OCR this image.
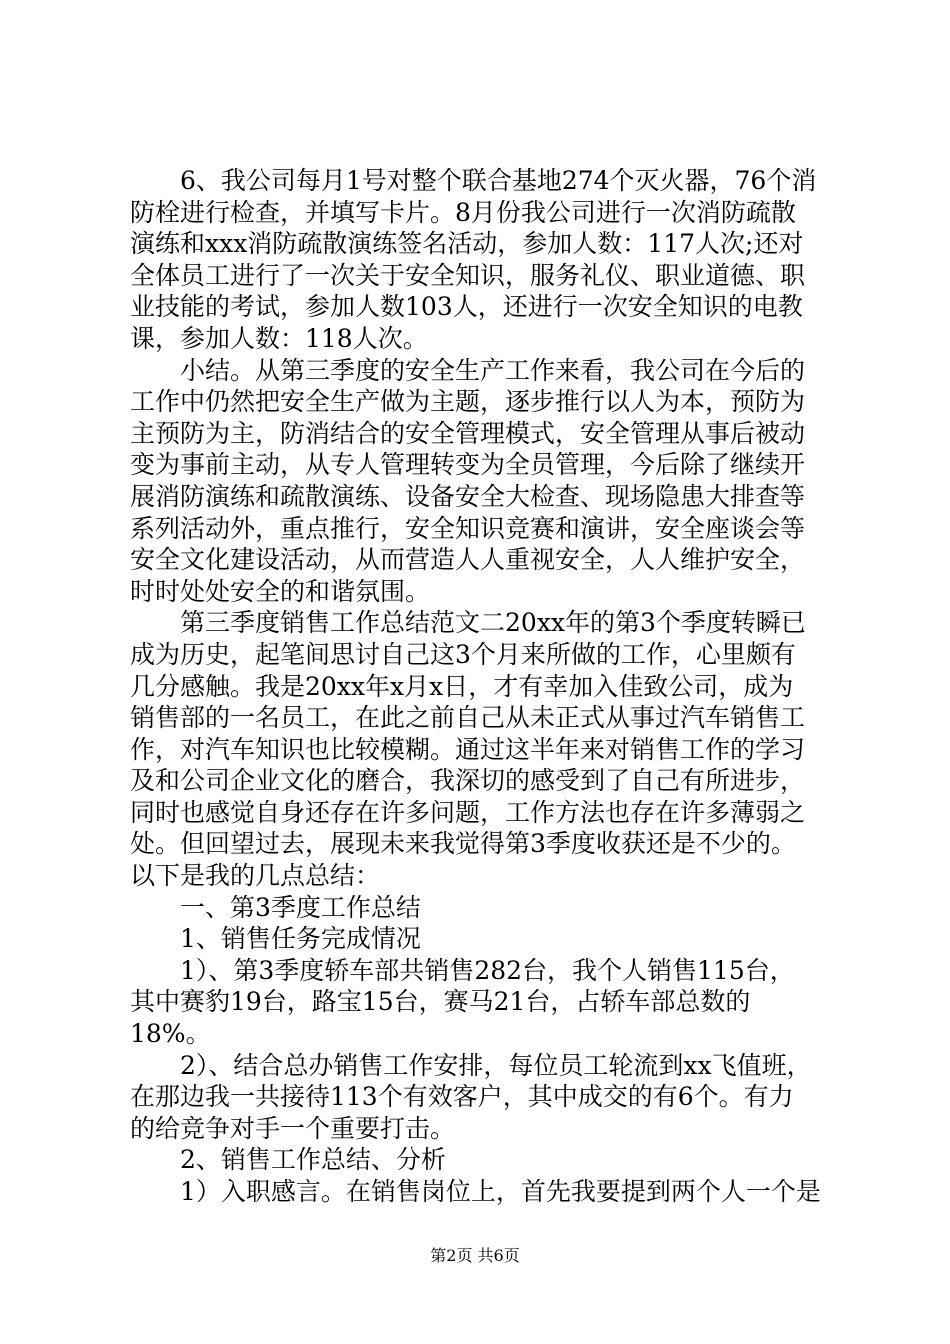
6、我公司每月1号对整个联合基地274个灭火器，76个消
防栓进行检查，并填写卡片。8月份我公司进行一次消防疏散
演练和xxx消防疏散演练签名活动，参加人数：117人次;还对
全体员工进行了一次关于安全知识，服务礼仪、职业道德、职
业技能的考试，参加人数103人，还进行一次安全知识的电教
课，参加人数：118人次。
小结。从第三季度的安全生产工作来看，我公司在今后的
工作中仍然把安全生产做为主题，逐步推行以人为本，预防为
主预防为主，防消结合的安全管理模式，安全管理从事后被动
变为事前主动，从专人管理转变为全员管理，今后除了继续开
展消防演练和疏散演练、设备安全大检查、现场隐患大排查等
系列活动外，重点推行，安全知识竞赛和演讲，安全座谈会等
安全文化建设活动，从而营造人人重视安全，人人维护安全，
时时处处安全的和谐氛围。
第三季度销售工作总结范文二20xx年的第3个季度转瞬已
成为历史，起笔间思讨自己这3个月来所做的工作，心里颇有
几分感触。我是20xx年x月x日，才有幸加入佳致公司，成为
销售部的一名员工，在此之前自己从未正式从事过汽车销售工
作，对汽车知识也比较模糊。通过这半年来对销售工作的学习
及和公司企业文化的磨合，我深切的感受到了自己有所进步，
同时也感觉自身还存在许多问题，工作方法也存在许多薄弱之
处。但回望过去，展现未来我觉得第3季度收获还是不少的。
以下是我的几点总结：
一、第3季度工作总结
1、销售任务完成情况
1）、第3季度轿车部共销售282台，我个人销售115台，
其中赛豹19台，路宝15台，赛马21台，占轿车部总数的
18%。
2）、结合总办销售工作安排，每位员工轮流到xx飞值班，
在那边我一共接待113个有效客户，其中成交的有6个。有力
的给竞争对手一个重要打击。
2、销售工作总结、分析
1）入职感言。在销售岗位上，首先我要提到两个人一个是
第2页 共6页
